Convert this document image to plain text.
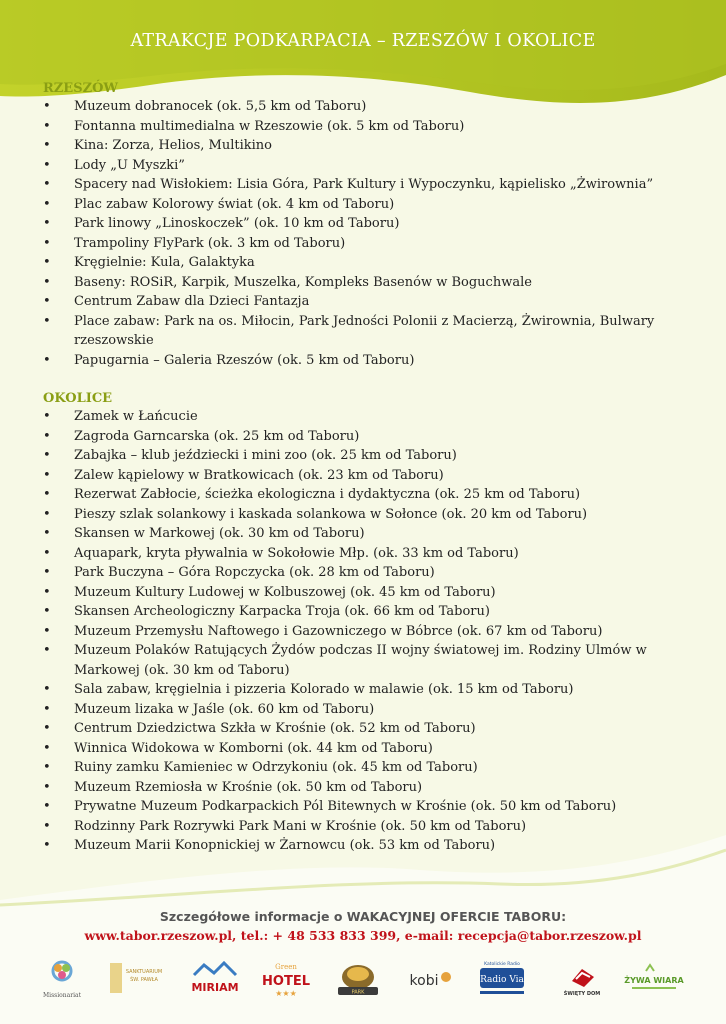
ATRAKCJE PODKARPACIA – RZESZÓW I OKOLICE
RZESZÓW
• Muzeum dobranocek (ok. 5,5 km od Taboru)
• Fontanna multimedialna w Rzeszowie (ok. 5 km od Taboru)
• Kina: Zorza, Helios, Multikino
• Lody „U Myszki”
• Spacery nad Wisłokiem: Lisia Góra, Park Kultury i Wypoczynku, kąpielisko „Żwirownia”
• Plac zabaw Kolorowy świat (ok. 4 km od Taboru)
• Park linowy „Linoskoczek” (ok. 10 km od Taboru)
• Trampoliny FlyPark (ok. 3 km od Taboru)
• Kręgielnie: Kula, Galaktyka
• Baseny: ROSiR, Karpik, Muszelka, Kompleks Basenów w Boguchwale
• Centrum Zabaw dla Dzieci Fantazja
• Place zabaw: Park na os. Miłocin, Park Jedności Polonii z Macierzą, Żwirownia, Bulwary rzeszowskie
• Papugarnia – Galeria Rzeszów (ok. 5 km od Taboru)
OKOLICE
• Zamek w Łańcucie
• Zagroda Garncarska (ok. 25 km od Taboru)
• Zabajka – klub jeździecki i mini zoo (ok. 25 km od Taboru)
• Zalew kąpielowy w Bratkowicach (ok. 23 km od Taboru)
• Rezerwat Zabłocie, ścieżka ekologiczna i dydaktyczna (ok. 25 km od Taboru)
• Pieszy szlak solankowy i kaskada solankowa w Sołonce (ok. 20 km od Taboru)
• Skansen w Markowej (ok. 30 km od Taboru)
• Aquapark, kryta pływalnia w Sokołowie Młp. (ok. 33 km od Taboru)
• Park Buczyna – Góra Ropczycka (ok. 28 km od Taboru)
• Muzeum Kultury Ludowej w Kolbuszowej (ok. 45 km od Taboru)
• Skansen Archeologiczny Karpacka Troja (ok. 66 km od Taboru)
• Muzeum Przemysłu Naftowego i Gazowniczego w Bóbrce (ok. 67 km od Taboru)
• Muzeum Polaków Ratujących Żydów podczas II wojny światowej im. Rodziny Ulmów w Markowej (ok. 30 km od Taboru)
• Sala zabaw, kręgielnia i pizzeria Kolorado w malawie (ok. 15 km od Taboru)
• Muzeum lizaka w Jaśle (ok. 60 km od Taboru)
• Centrum Dziedzictwa Szkła w Krośnie (ok. 52 km od Taboru)
• Winnica Widokowa w Komborni (ok. 44 km od Taboru)
• Ruiny zamku Kamieniec w Odrzykoniu (ok. 45 km od Taboru)
• Muzeum Rzemiosła w Krośnie (ok. 50 km od Taboru)
• Prywatne Muzeum Podkarpackich Pól Bitewnych w Krośnie (ok. 50 km od Taboru)
• Rodzinny Park Rozrywki Park Mani w Krośnie (ok. 50 km od Taboru)
• Muzeum Marii Konopnickiej w Żarnowcu (ok. 53 km od Taboru)
Szczegółowe informacje o WAKACYJNEJ OFERCIE TABORU:
www.tabor.rzeszow.pl, tel.: + 48 533 833 399, e-mail: recepcja@tabor.rzeszow.pl
Missionariat
SANKTUARIUM
ŚW. PAWŁA
MIRIAM
Green
HOTEL
★★★	PARK
kobi
Katolickie Radio
Radio Via
ŚWIĘTY DOM
ŻYWA WIARA
